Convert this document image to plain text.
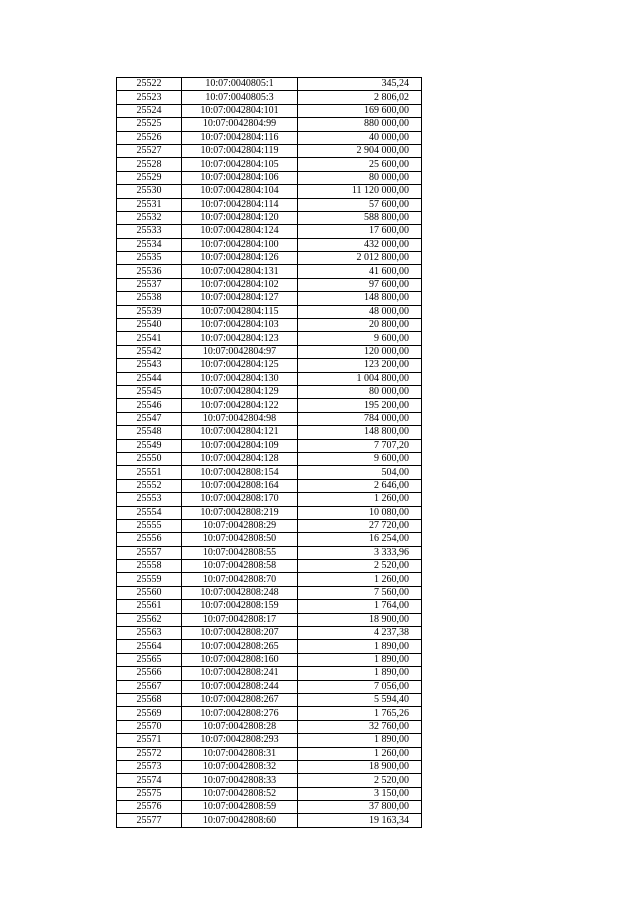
25522	10:07:0040805:1	345,24
25523	10:07:0040805:3	2 806,02
25524	10:07:0042804:101	169 600,00
25525	10:07:0042804:99	880 000,00
25526	10:07:0042804:116	40 000,00
25527	10:07:0042804:119	2 904 000,00
25528	10:07:0042804:105	25 600,00
25529	10:07:0042804:106	80 000,00
25530	10:07:0042804:104	11 120 000,00
25531	10:07:0042804:114	57 600,00
25532	10:07:0042804:120	588 800,00
25533	10:07:0042804:124	17 600,00
25534	10:07:0042804:100	432 000,00
25535	10:07:0042804:126	2 012 800,00
25536	10:07:0042804:131	41 600,00
25537	10:07:0042804:102	97 600,00
25538	10:07:0042804:127	148 800,00
25539	10:07:0042804:115	48 000,00
25540	10:07:0042804:103	20 800,00
25541	10:07:0042804:123	9 600,00
25542	10:07:0042804:97	120 000,00
25543	10:07:0042804:125	123 200,00
25544	10:07:0042804:130	1 004 800,00
25545	10:07:0042804:129	80 000,00
25546	10:07:0042804:122	195 200,00
25547	10:07:0042804:98	784 000,00
25548	10:07:0042804:121	148 800,00
25549	10:07:0042804:109	7 707,20
25550	10:07:0042804:128	9 600,00
25551	10:07:0042808:154	504,00
25552	10:07:0042808:164	2 646,00
25553	10:07:0042808:170	1 260,00
25554	10:07:0042808:219	10 080,00
25555	10:07:0042808:29	27 720,00
25556	10:07:0042808:50	16 254,00
25557	10:07:0042808:55	3 333,96
25558	10:07:0042808:58	2 520,00
25559	10:07:0042808:70	1 260,00
25560	10:07:0042808:248	7 560,00
25561	10:07:0042808:159	1 764,00
25562	10:07:0042808:17	18 900,00
25563	10:07:0042808:207	4 237,38
25564	10:07:0042808:265	1 890,00
25565	10:07:0042808:160	1 890,00
25566	10:07:0042808:241	1 890,00
25567	10:07:0042808:244	7 056,00
25568	10:07:0042808:267	5 594,40
25569	10:07:0042808:276	1 765,26
25570	10:07:0042808:28	32 760,00
25571	10:07:0042808:293	1 890,00
25572	10:07:0042808:31	1 260,00
25573	10:07:0042808:32	18 900,00
25574	10:07:0042808:33	2 520,00
25575	10:07:0042808:52	3 150,00
25576	10:07:0042808:59	37 800,00
25577	10:07:0042808:60	19 163,34
